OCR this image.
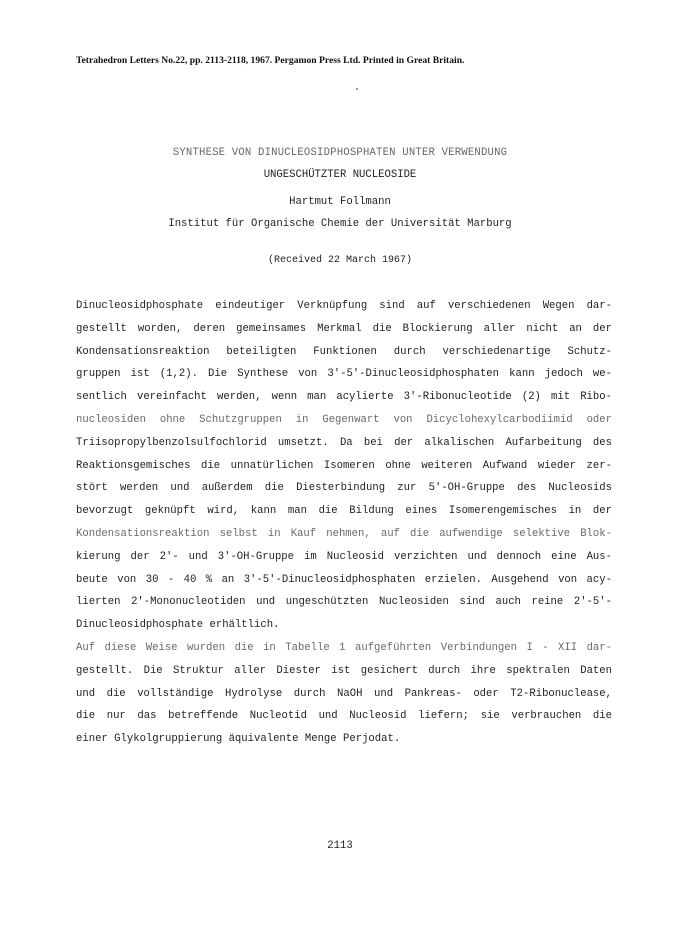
Tetrahedron Letters No.22, pp. 2113-2118, 1967. Pergamon Press Ltd. Printed in Great Britain.
SYNTHESE VON DINUCLEOSIDPHOSPHATEN UNTER VERWENDUNG
UNGESCHÜTZTER NUCLEOSIDE
Hartmut Follmann
Institut für Organische Chemie der Universität Marburg
(Received 22 March 1967)
Dinucleosidphosphate eindeutiger Verknüpfung sind auf verschiedenen Wegen dar-
gestellt worden, deren gemeinsames Merkmal die Blockierung aller nicht an der
Kondensationsreaktion beteiligten Funktionen durch verschiedenartige Schutz-
gruppen ist (1,2). Die Synthese von 3'-5'-Dinucleosidphosphaten kann jedoch we-
sentlich vereinfacht werden, wenn man acylierte 3'-Ribonucleotide (2) mit Ribo-
nucleosiden ohne Schutzgruppen in Gegenwart von Dicyclohexylcarbodiimid oder
Triisopropylbenzolsulfochlorid umsetzt. Da bei der alkalischen Aufarbeitung des
Reaktionsgemisches die unnatürlichen Isomeren ohne weiteren Aufwand wieder zer-
stört werden und außerdem die Diesterbindung zur 5'-OH-Gruppe des Nucleosids
bevorzugt geknüpft wird, kann man die Bildung eines Isomerengemisches in der
Kondensationsreaktion selbst in Kauf nehmen, auf die aufwendige selektive Blok-
kierung der 2'- und 3'-OH-Gruppe im Nucleosid verzichten und dennoch eine Aus-
beute von 30 - 40 % an 3'-5'-Dinucleosidphosphaten erzielen. Ausgehend von acy-
lierten 2'-Mononucleotiden und ungeschützten Nucleosiden sind auch reine 2'-5'-
Dinucleosidphosphate erhältlich.
Auf diese Weise wurden die in Tabelle 1 aufgeführten Verbindungen I - XII dar-
gestellt. Die Struktur aller Diester ist gesichert durch ihre spektralen Daten
und die vollständige Hydrolyse durch NaOH und Pankreas- oder T2-Ribonuclease,
die nur das betreffende Nucleotid und Nucleosid liefern; sie verbrauchen die
einer Glykolgruppierung äquivalente Menge Perjodat.
2113
